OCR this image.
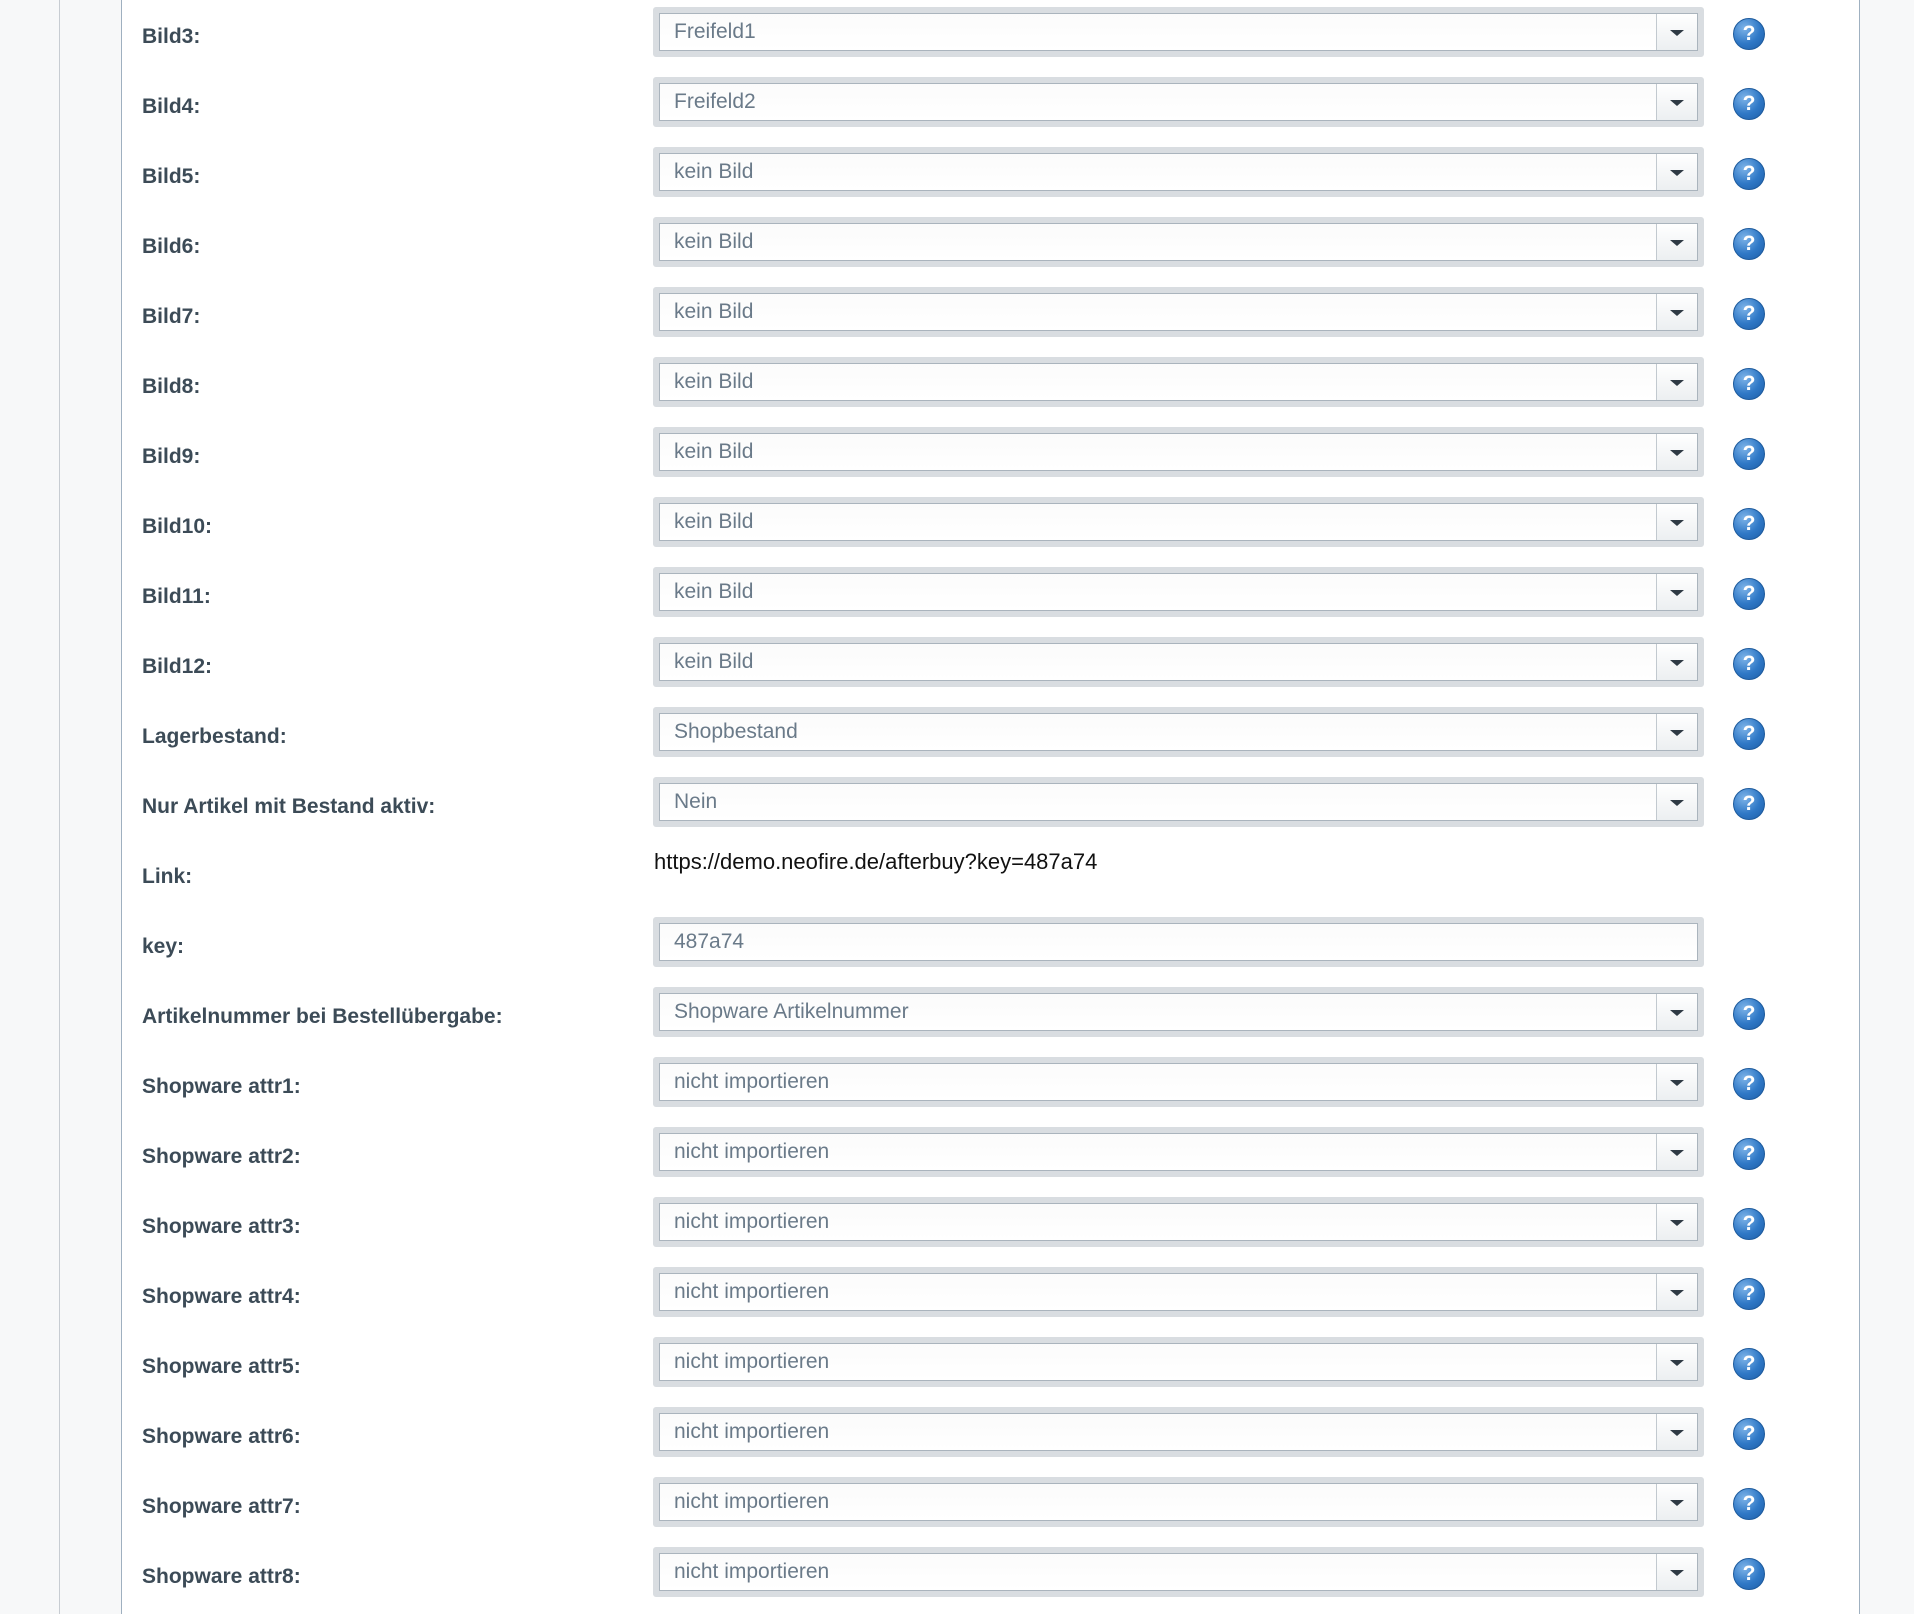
Bild3:	Freifeld1	?
Bild4:	Freifeld2	?
Bild5:	kein Bild	?
Bild6:	kein Bild	?
Bild7:	kein Bild	?
Bild8:	kein Bild	?
Bild9:	kein Bild	?
Bild10:	kein Bild	?
Bild11:	kein Bild	?
Bild12:	kein Bild	?
Lagerbestand:	Shopbestand	?
Nur Artikel mit Bestand aktiv:	Nein	?
Link:
https://demo.neofire.de/afterbuy?key=487a74
key:	487a74
Artikelnummer bei Bestellübergabe:	Shopware Artikelnummer	?
Shopware attr1:	nicht importieren	?
Shopware attr2:	nicht importieren	?
Shopware attr3:	nicht importieren	?
Shopware attr4:	nicht importieren	?
Shopware attr5:	nicht importieren	?
Shopware attr6:	nicht importieren	?
Shopware attr7:	nicht importieren	?
Shopware attr8:	nicht importieren	?
